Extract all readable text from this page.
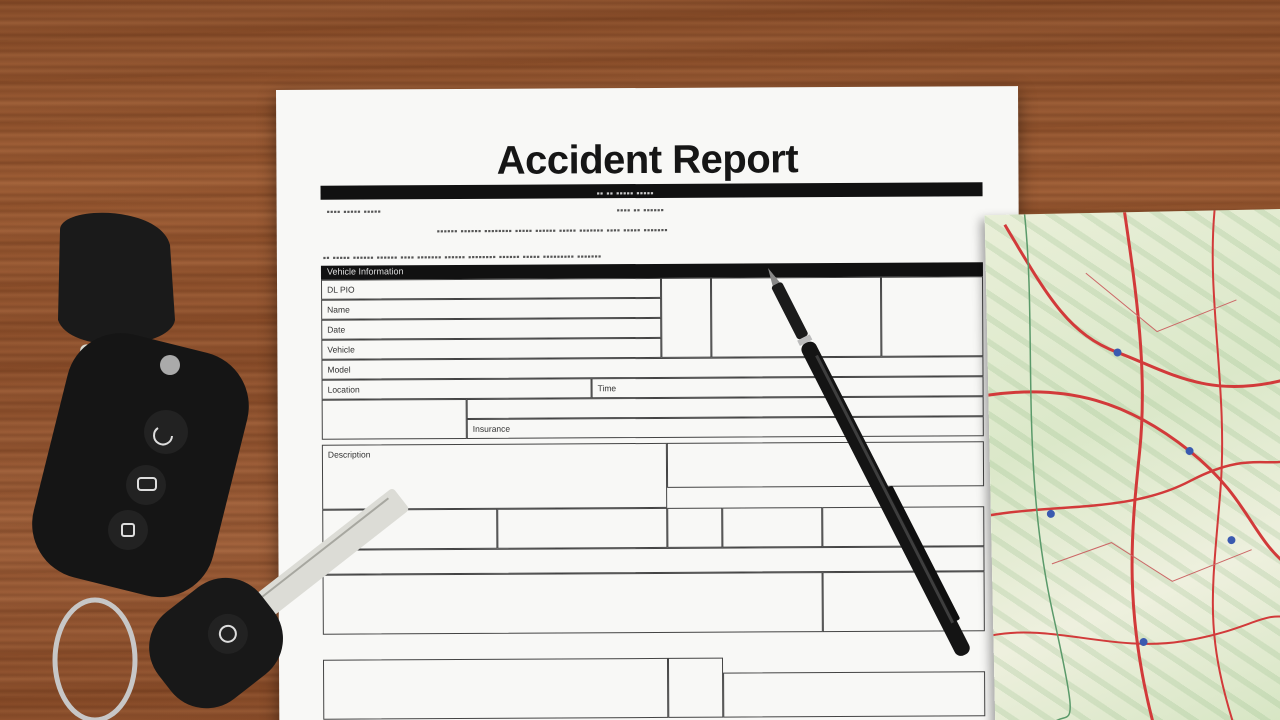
Accident Report
▪▪▪▪ ▪▪▪▪▪ ▪▪▪▪▪
▪▪ ▪▪ ▪▪▪▪▪ ▪▪▪▪▪
▪▪▪▪ ▪▪ ▪▪▪▪▪▪
▪▪▪▪▪▪ ▪▪▪▪▪▪ ▪▪▪▪▪▪▪▪ ▪▪▪▪▪ ▪▪▪▪▪▪ ▪▪▪▪▪ ▪▪▪▪▪▪▪ ▪▪▪▪ ▪▪▪▪▪ ▪▪▪▪▪▪▪
▪▪ ▪▪▪▪▪ ▪▪▪▪▪▪ ▪▪▪▪▪▪ ▪▪▪▪ ▪▪▪▪▪▪▪ ▪▪▪▪▪▪ ▪▪▪▪▪▪▪▪ ▪▪▪▪▪▪ ▪▪▪▪▪ ▪▪▪▪▪▪▪▪▪ ▪▪▪▪▪▪▪
Vehicle Information
DL PIO
Name
Date
Vehicle
Model
Location	Time
Insurance
Description
